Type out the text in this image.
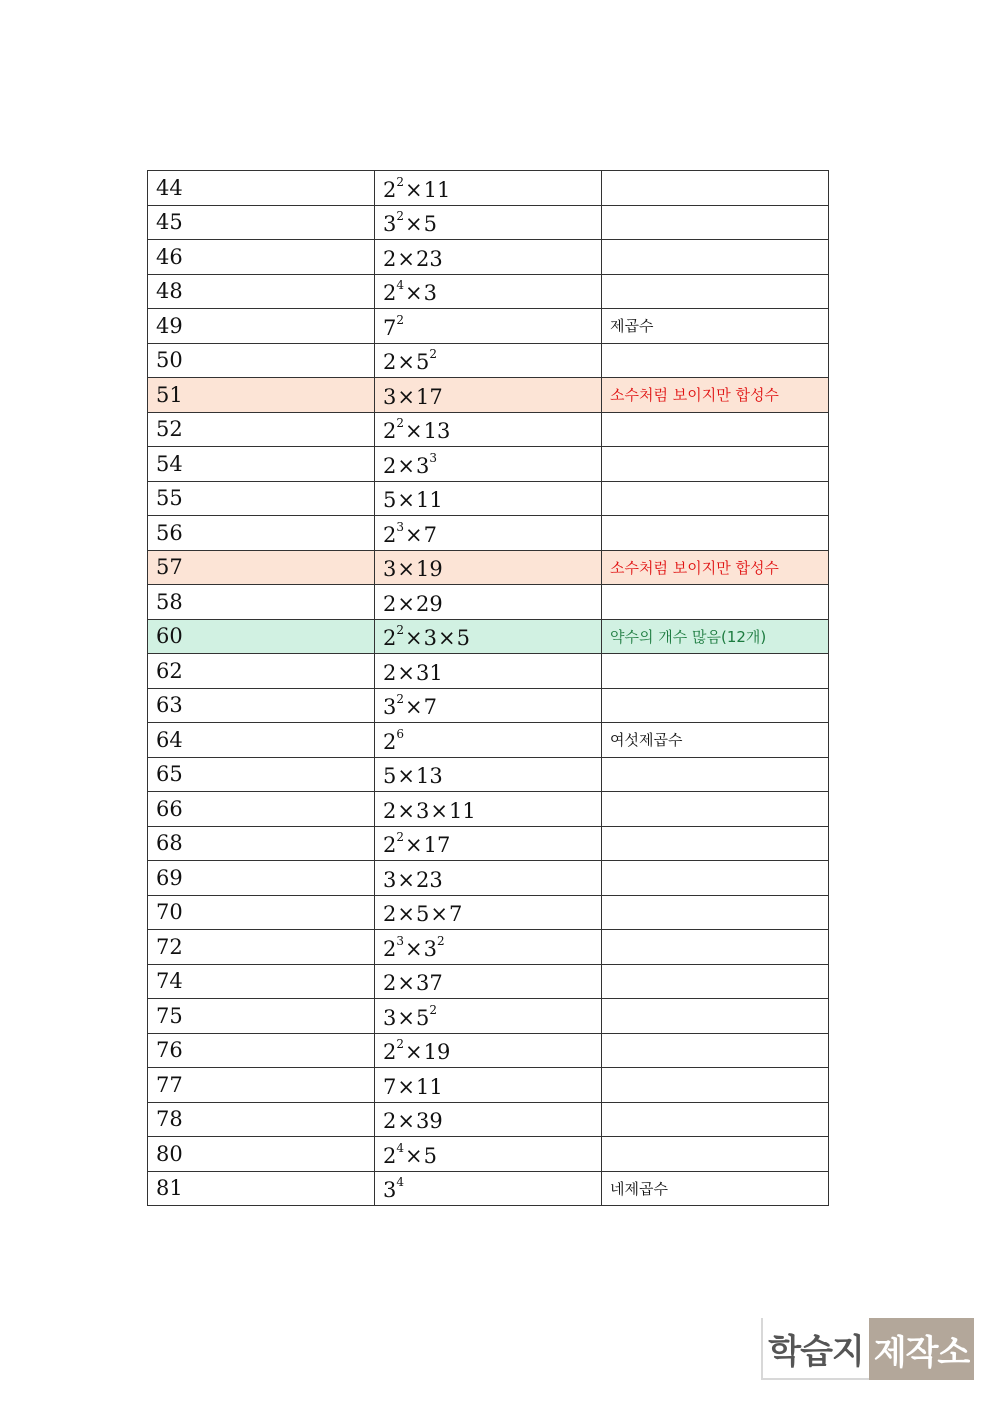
44	$2^2\times 11$	
45	$3^2\times 5$	
46	2×23	
48	$2^4\times 3$	
49	$7^2$	제곱수
50	$2\times 5^2$	
51	3×17	소수처럼 보이지만 합성수
52	$2^2\times 13$	
54	$2\times 3^3$	
55	5×11	
56	$2^3\times 7$	
57	3×19	소수처럼 보이지만 합성수
58	2×29	
60	$2^2\times 3\times 5$	약수의 개수 많음(12개)
62	2×31	
63	$3^2\times 7$	
64	$2^6$	여섯제곱수
65	5×13	
66	2×3×11	
68	$2^2\times 17$	
69	3×23	
70	2×5×7	
72	$2^3\times 3^2$	
74	2×37	
75	$3\times 5^2$	
76	$2^2\times 19$	
77	7×11	
78	2×39	
80	$2^4\times 5$	
81	$3^4$	네제곱수
학습지 제작소
